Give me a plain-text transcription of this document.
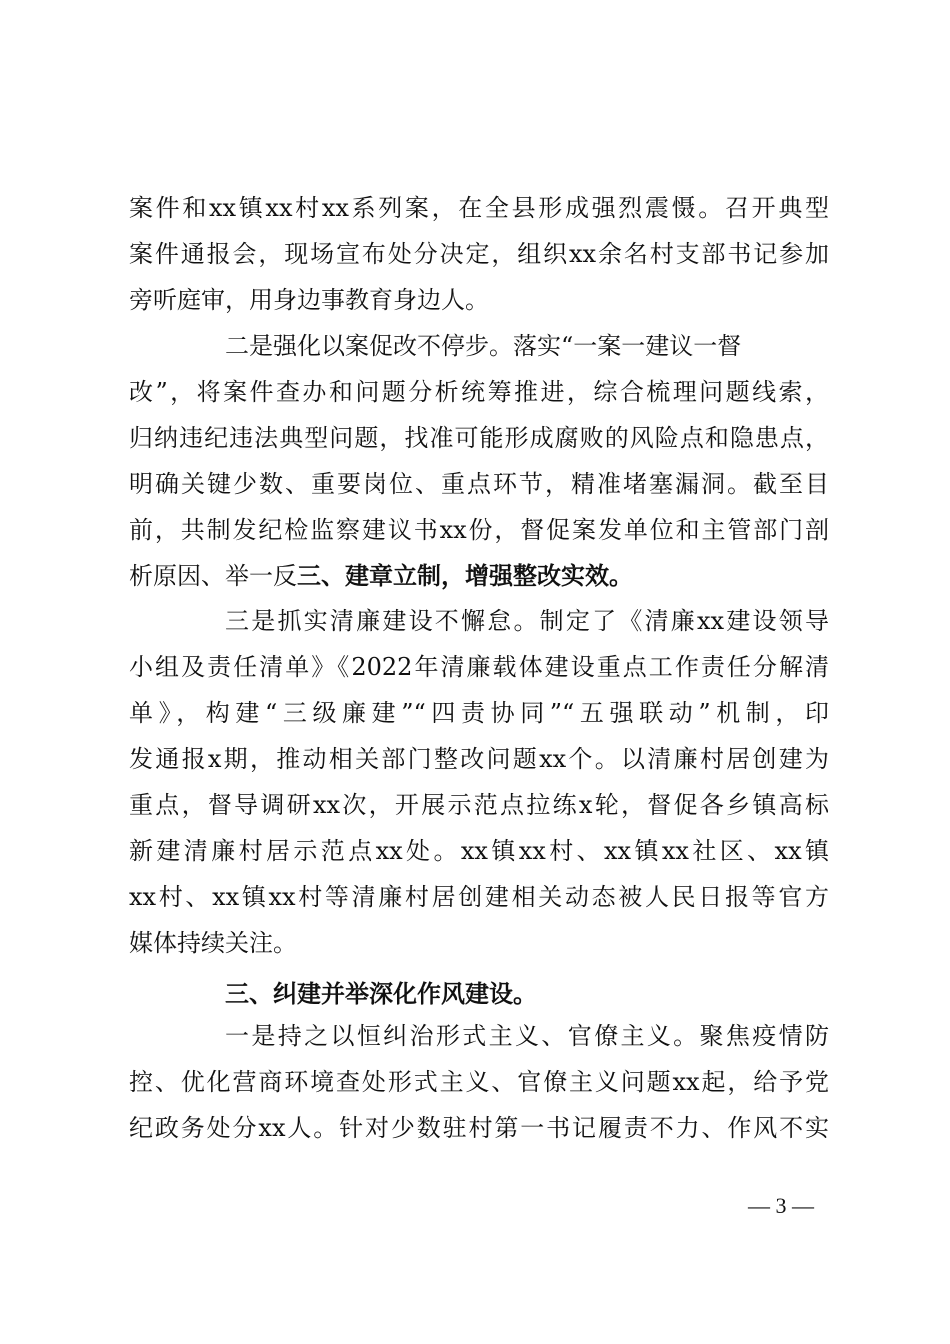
案件和xx镇xx村xx系列案，在全县形成强烈震慑。召开典型
案件通报会，现场宣布处分决定，组织xx余名村支部书记参加
旁听庭审，用身边事教育身边人。
二是强化以案促改不停步。落实“一案一建议一督
改”，将案件查办和问题分析统筹推进，综合梳理问题线索，
归纳违纪违法典型问题，找准可能形成腐败的风险点和隐患点，
明确关键少数、重要岗位、重点环节，精准堵塞漏洞。截至目
前，共制发纪检监察建议书xx份，督促案发单位和主管部门剖
析原因、举一反三、建章立制，增强整改实效。
三是抓实清廉建设不懈怠。制定了《清廉xx建设领导
小组及责任清单》《2022年清廉载体建设重点工作责任分解清
单》，构建“三级廉建”“四责协同”“五强联动”机制，印
发通报x期，推动相关部门整改问题xx个。以清廉村居创建为
重点，督导调研xx次，开展示范点拉练x轮，督促各乡镇高标
新建清廉村居示范点xx处。xx镇xx村、xx镇xx社区、xx镇
xx村、xx镇xx村等清廉村居创建相关动态被人民日报等官方
媒体持续关注。
三、纠建并举深化作风建设。
一是持之以恒纠治形式主义、官僚主义。聚焦疫情防
控、优化营商环境查处形式主义、官僚主义问题xx起，给予党
纪政务处分xx人。针对少数驻村第一书记履责不力、作风不实
— 3 —
